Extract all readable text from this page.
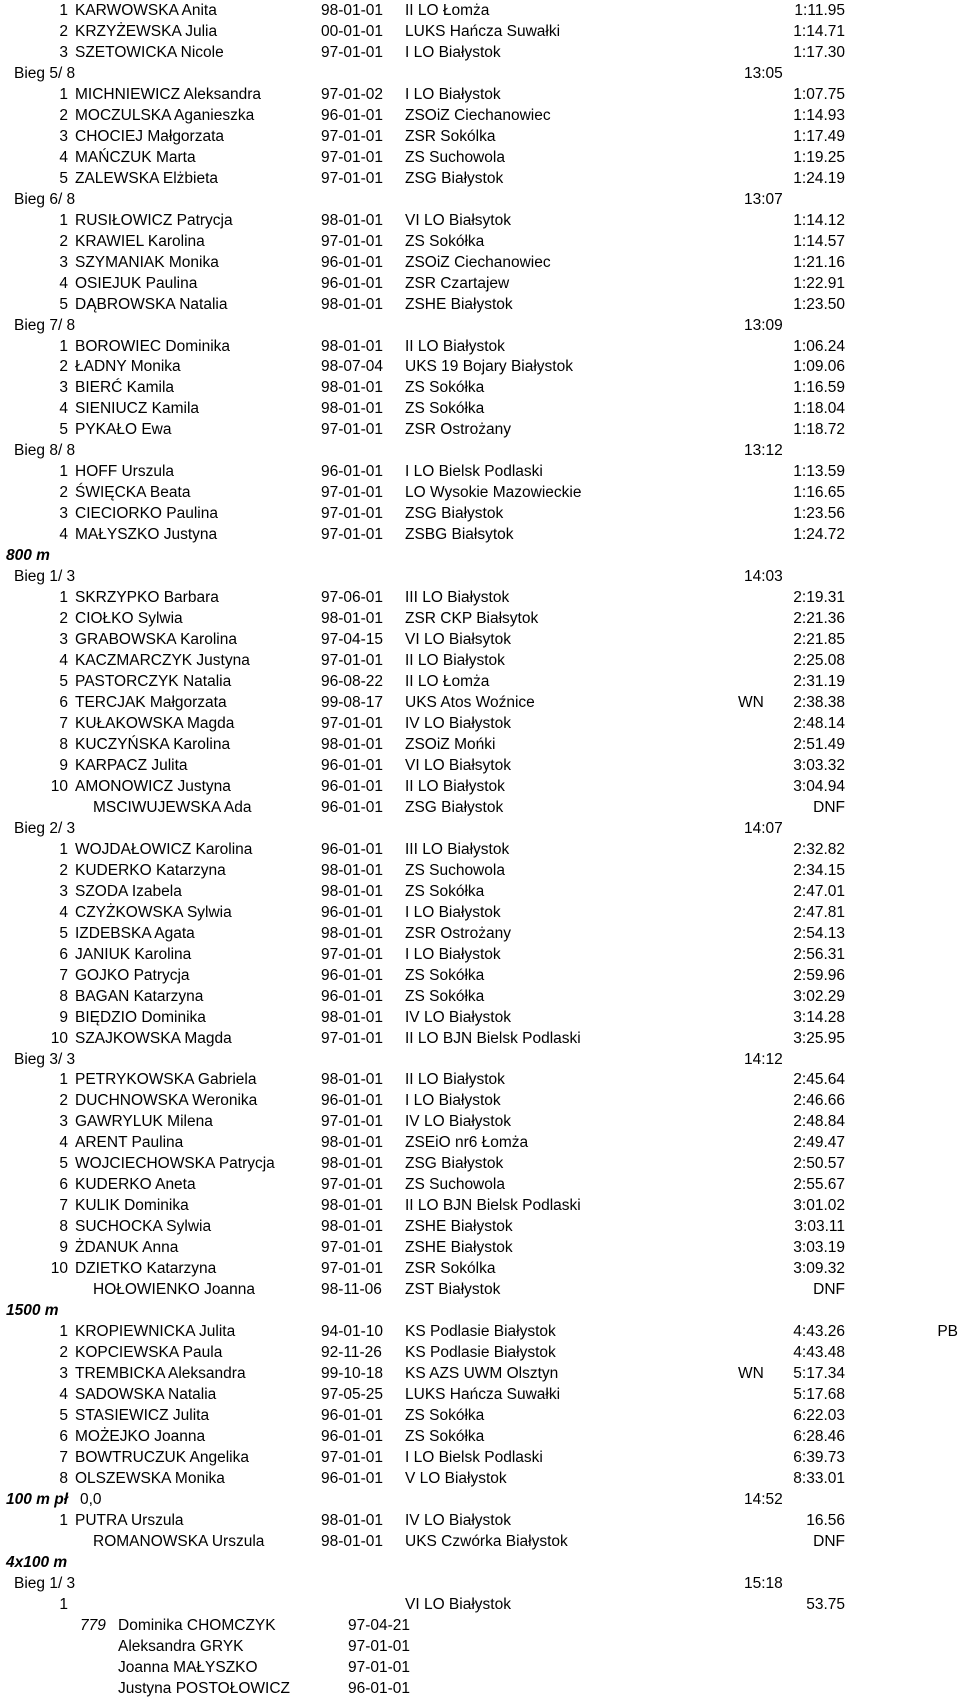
1 KARWOWSKA Anita	98-01-01 II LO Łomża	1:11.95
2 KRZYŻEWSKA Julia	00-01-01 LUKS Hańcza Suwałki	1:14.71
3 SZETOWICKA Nicole	97-01-01 I LO Białystok	1:17.30
Bieg 5/ 8	13:05
1 MICHNIEWICZ Aleksandra	97-01-02 I LO Białystok	1:07.75
2 MOCZULSKA Aganieszka	96-01-01 ZSOiZ Ciechanowiec	1:14.93
3 CHOCIEJ Małgorzata	97-01-01 ZSR Sokólka	1:17.49
4 MAŃCZUK Marta	97-01-01 ZS Suchowola	1:19.25
5 ZALEWSKA Elżbieta	97-01-01 ZSG Białystok	1:24.19
Bieg 6/ 8	13:07
1 RUSIŁOWICZ Patrycja	98-01-01 VI LO Białsytok	1:14.12
2 KRAWIEL Karolina	97-01-01 ZS Sokółka	1:14.57
3 SZYMANIAK Monika	96-01-01 ZSOiZ Ciechanowiec	1:21.16
4 OSIEJUK Paulina	96-01-01 ZSR Czartajew	1:22.91
5 DĄBROWSKA Natalia	98-01-01 ZSHE Białystok	1:23.50
Bieg 7/ 8	13:09
1 BOROWIEC Dominika	98-01-01 II LO Białystok	1:06.24
2 ŁADNY Monika	98-07-04 UKS 19 Bojary Białystok	1:09.06
3 BIERĆ Kamila	98-01-01 ZS Sokółka	1:16.59
4 SIENIUCZ Kamila	98-01-01 ZS Sokółka	1:18.04
5 PYKAŁO Ewa	97-01-01 ZSR Ostrożany	1:18.72
Bieg 8/ 8	13:12
1 HOFF Urszula	96-01-01 I LO Bielsk Podlaski	1:13.59
2 ŚWIĘCKA Beata	97-01-01 LO Wysokie Mazowieckie	1:16.65
3 CIECIORKO Paulina	97-01-01 ZSG Białystok	1:23.56
4 MAŁYSZKO Justyna	97-01-01 ZSBG Białsytok	1:24.72
800 m
Bieg 1/ 3	14:03
1 SKRZYPKO Barbara	97-06-01 III LO Białystok	2:19.31
2 CIOŁKO Sylwia	98-01-01 ZSR CKP Białsytok	2:21.36
3 GRABOWSKA Karolina	97-04-15 VI LO Białsytok	2:21.85
4 KACZMARCZYK Justyna	97-01-01 II LO Białystok	2:25.08
5 PASTORCZYK Natalia	96-08-22 II LO Łomża	2:31.19
6 TERCJAK Małgorzata	99-08-17 UKS Atos Woźnice	WN	2:38.38
7 KUŁAKOWSKA Magda	97-01-01 IV LO Białystok	2:48.14
8 KUCZYŃSKA Karolina	98-01-01 ZSOiZ Mońki	2:51.49
9 KARPACZ Julita	96-01-01 VI LO Białsytok	3:03.32
10 AMONOWICZ Justyna	96-01-01 II LO Białystok	3:04.94
MSCIWUJEWSKA Ada	96-01-01 ZSG Białystok	DNF
Bieg 2/ 3	14:07
1 WOJDAŁOWICZ Karolina	96-01-01 III LO Białystok	2:32.82
2 KUDERKO Katarzyna	98-01-01 ZS Suchowola	2:34.15
3 SZODA Izabela	98-01-01 ZS Sokółka	2:47.01
4 CZYŻKOWSKA Sylwia	96-01-01 I LO Białystok	2:47.81
5 IZDEBSKA Agata	98-01-01 ZSR Ostrożany	2:54.13
6 JANIUK Karolina	97-01-01 I LO Białystok	2:56.31
7 GOJKO Patrycja	96-01-01 ZS Sokółka	2:59.96
8 BAGAN Katarzyna	96-01-01 ZS Sokółka	3:02.29
9 BIĘDZIO Dominika	98-01-01 IV LO Białystok	3:14.28
10 SZAJKOWSKA Magda	97-01-01 II LO BJN Bielsk Podlaski	3:25.95
Bieg 3/ 3	14:12
1 PETRYKOWSKA Gabriela	98-01-01 II LO Białystok	2:45.64
2 DUCHNOWSKA Weronika	96-01-01 I LO Białystok	2:46.66
3 GAWRYLUK Milena	97-01-01 IV LO Białystok	2:48.84
4 ARENT Paulina	98-01-01 ZSEiO nr6 Łomża	2:49.47
5 WOJCIECHOWSKA Patrycja	98-01-01 ZSG Białystok	2:50.57
6 KUDERKO Aneta	97-01-01 ZS Suchowola	2:55.67
7 KULIK Dominika	98-01-01 II LO BJN Bielsk Podlaski	3:01.02
8 SUCHOCKA Sylwia	98-01-01 ZSHE Białystok	3:03.11
9 ŻDANUK Anna	97-01-01 ZSHE Białystok	3:03.19
10 DZIETKO Katarzyna	97-01-01 ZSR Sokólka	3:09.32
HOŁOWIENKO Joanna	98-11-06 ZST Białystok	DNF
1500 m
1 KROPIEWNICKA Julita	94-01-10 KS Podlasie Białystok	4:43.26	PB
2 KOPCIEWSKA Paula	92-11-26 KS Podlasie Białystok	4:43.48
3 TREMBICKA Aleksandra	99-10-18 KS AZS UWM Olsztyn	WN	5:17.34
4 SADOWSKA Natalia	97-05-25 LUKS Hańcza Suwałki	5:17.68
5 STASIEWICZ Julita	96-01-01 ZS Sokółka	6:22.03
6 MOŻEJKO Joanna	96-01-01 ZS Sokółka	6:28.46
7 BOWTRUCZUK Angelika	97-01-01 I LO Bielsk Podlaski	6:39.73
8 OLSZEWSKA Monika	96-01-01 V LO Białystok	8:33.01
100 m pł	14:52
0,0
1 PUTRA Urszula	98-01-01 IV LO Białystok	16.56
ROMANOWSKA Urszula	98-01-01 UKS Czwórka Białystok	DNF
4x100 m
Bieg 1/ 3	15:18
1	VI LO Białystok	53.75
779 Dominika CHOMCZYK	97-04-21
Aleksandra GRYK	97-01-01
Joanna MAŁYSZKO	97-01-01
Justyna POSTOŁOWICZ	96-01-01
